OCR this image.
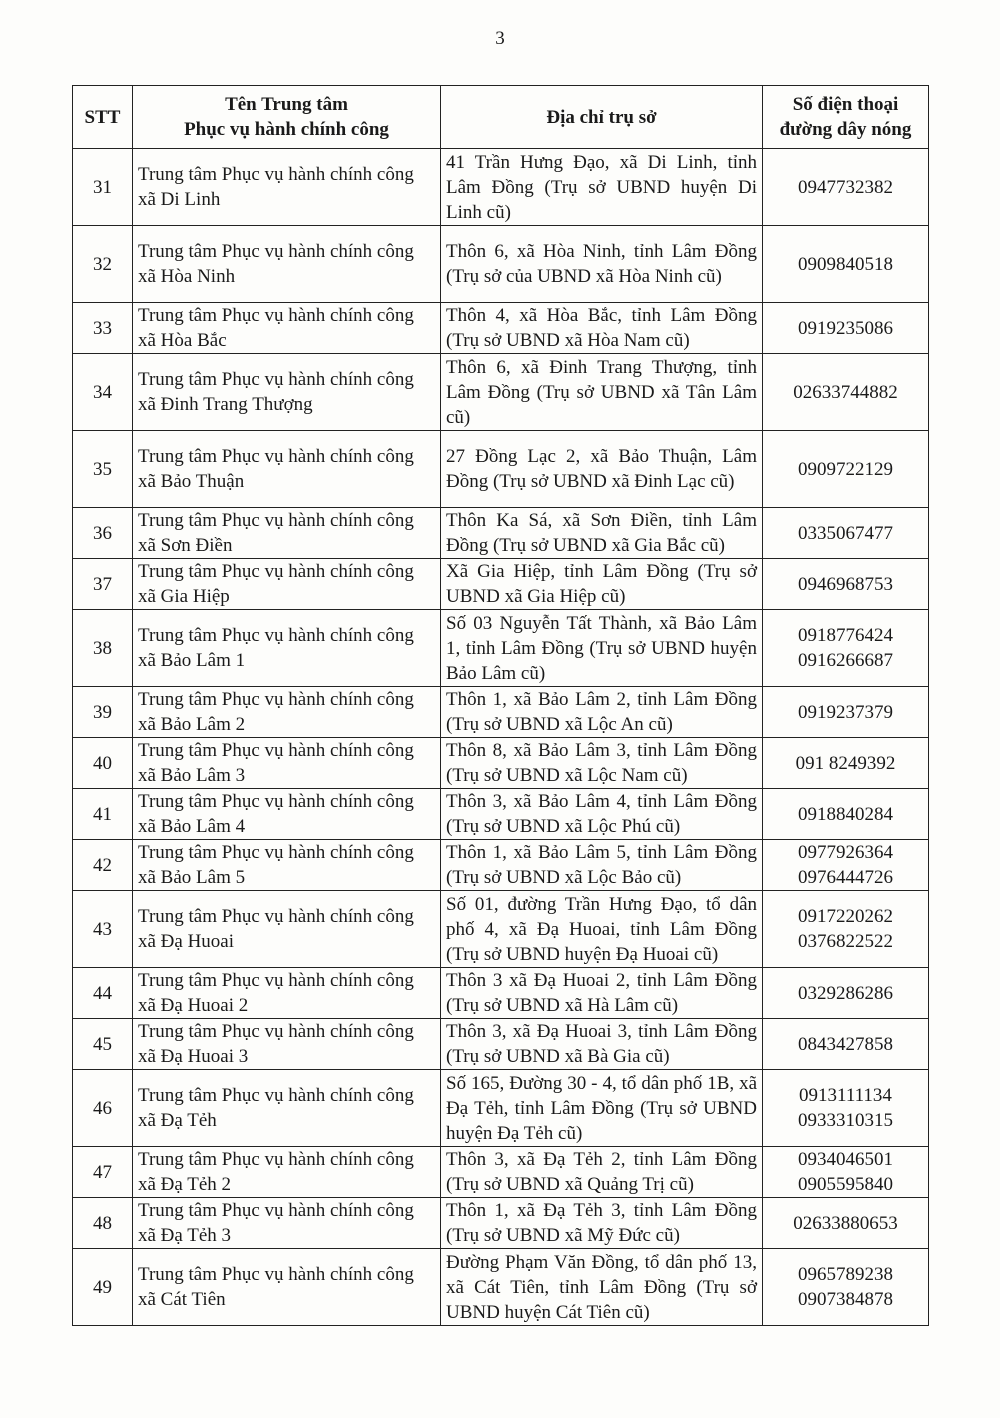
3
STT	Tên Trung tâm
Phục vụ hành chính công	Địa chỉ trụ sở	Số điện thoại
đường dây nóng

31	Trung tâm Phục vụ hành chính công
xã Di Linh	41 Trần Hưng Đạo, xã Di Linh, tỉnh Lâm Đồng (Trụ sở UBND huyện Di Linh cũ)	0947732382

32	Trung tâm Phục vụ hành chính công
xã Hòa Ninh	Thôn 6, xã Hòa Ninh, tỉnh Lâm Đồng (Trụ sở của UBND xã Hòa Ninh cũ)	0909840518

33	Trung tâm Phục vụ hành chính công
xã Hòa Bắc	Thôn 4, xã Hòa Bắc, tỉnh Lâm Đồng (Trụ sở UBND xã Hòa Nam cũ)	0919235086

34	Trung tâm Phục vụ hành chính công
xã Đinh Trang Thượng	Thôn 6, xã Đinh Trang Thượng, tỉnh Lâm Đồng (Trụ sở UBND xã Tân Lâm cũ)	02633744882

35	Trung tâm Phục vụ hành chính công
xã Bảo Thuận	27 Đồng Lạc 2, xã Bảo Thuận, Lâm Đồng (Trụ sở UBND xã Đinh Lạc cũ)	0909722129

36	Trung tâm Phục vụ hành chính công
xã Sơn Điền	Thôn Ka Sá, xã Sơn Điền, tỉnh Lâm Đồng (Trụ sở UBND xã Gia Bắc cũ)	0335067477

37	Trung tâm Phục vụ hành chính công
xã Gia Hiệp	Xã Gia Hiệp, tỉnh Lâm Đồng (Trụ sở UBND xã Gia Hiệp cũ)	0946968753

38	Trung tâm Phục vụ hành chính công
xã Bảo Lâm 1	Số 03 Nguyễn Tất Thành, xã Bảo Lâm 1, tỉnh Lâm Đồng (Trụ sở UBND huyện Bảo Lâm cũ)	0918776424
0916266687

39	Trung tâm Phục vụ hành chính công
xã Bảo Lâm 2	Thôn 1, xã Bảo Lâm 2, tỉnh Lâm Đồng (Trụ sở UBND xã Lộc An cũ)	0919237379

40	Trung tâm Phục vụ hành chính công
xã Bảo Lâm 3	Thôn 8, xã Bảo Lâm 3, tỉnh Lâm Đồng (Trụ sở UBND xã Lộc Nam cũ)	091 8249392

41	Trung tâm Phục vụ hành chính công
xã Bảo Lâm 4	Thôn 3, xã Bảo Lâm 4, tỉnh Lâm Đồng (Trụ sở UBND xã Lộc Phú cũ)	0918840284

42	Trung tâm Phục vụ hành chính công
xã Bảo Lâm 5	Thôn 1, xã Bảo Lâm 5, tỉnh Lâm Đồng (Trụ sở UBND xã Lộc Bảo cũ)	0977926364
0976444726

43	Trung tâm Phục vụ hành chính công
xã Đạ Huoai	Số 01, đường Trần Hưng Đạo, tổ dân phố 4, xã Đạ Huoai, tỉnh Lâm Đồng (Trụ sở UBND huyện Đạ Huoai cũ)	0917220262
0376822522

44	Trung tâm Phục vụ hành chính công
xã Đạ Huoai 2	Thôn 3 xã Đạ Huoai 2, tỉnh Lâm Đồng (Trụ sở UBND xã Hà Lâm cũ)	0329286286

45	Trung tâm Phục vụ hành chính công
xã Đạ Huoai 3	Thôn 3, xã Đạ Huoai 3, tỉnh Lâm Đồng (Trụ sở UBND xã Bà Gia cũ)	0843427858

46	Trung tâm Phục vụ hành chính công
xã Đạ Tẻh	Số 165, Đường 30 - 4, tổ dân phố 1B, xã Đạ Tẻh, tỉnh Lâm Đồng (Trụ sở UBND huyện Đạ Tẻh cũ)	0913111134
0933310315

47	Trung tâm Phục vụ hành chính công
xã Đạ Tẻh 2	Thôn 3, xã Đạ Tẻh 2, tỉnh Lâm Đồng (Trụ sở UBND xã Quảng Trị cũ)	0934046501
0905595840

48	Trung tâm Phục vụ hành chính công
xã Đạ Tẻh 3	Thôn 1, xã Đạ Tẻh 3, tỉnh Lâm Đồng (Trụ sở UBND xã Mỹ Đức cũ)	02633880653

49	Trung tâm Phục vụ hành chính công
xã Cát Tiên	Đường Phạm Văn Đồng, tổ dân phố 13, xã Cát Tiên, tỉnh Lâm Đồng (Trụ sở UBND huyện Cát Tiên cũ)	0965789238
0907384878
